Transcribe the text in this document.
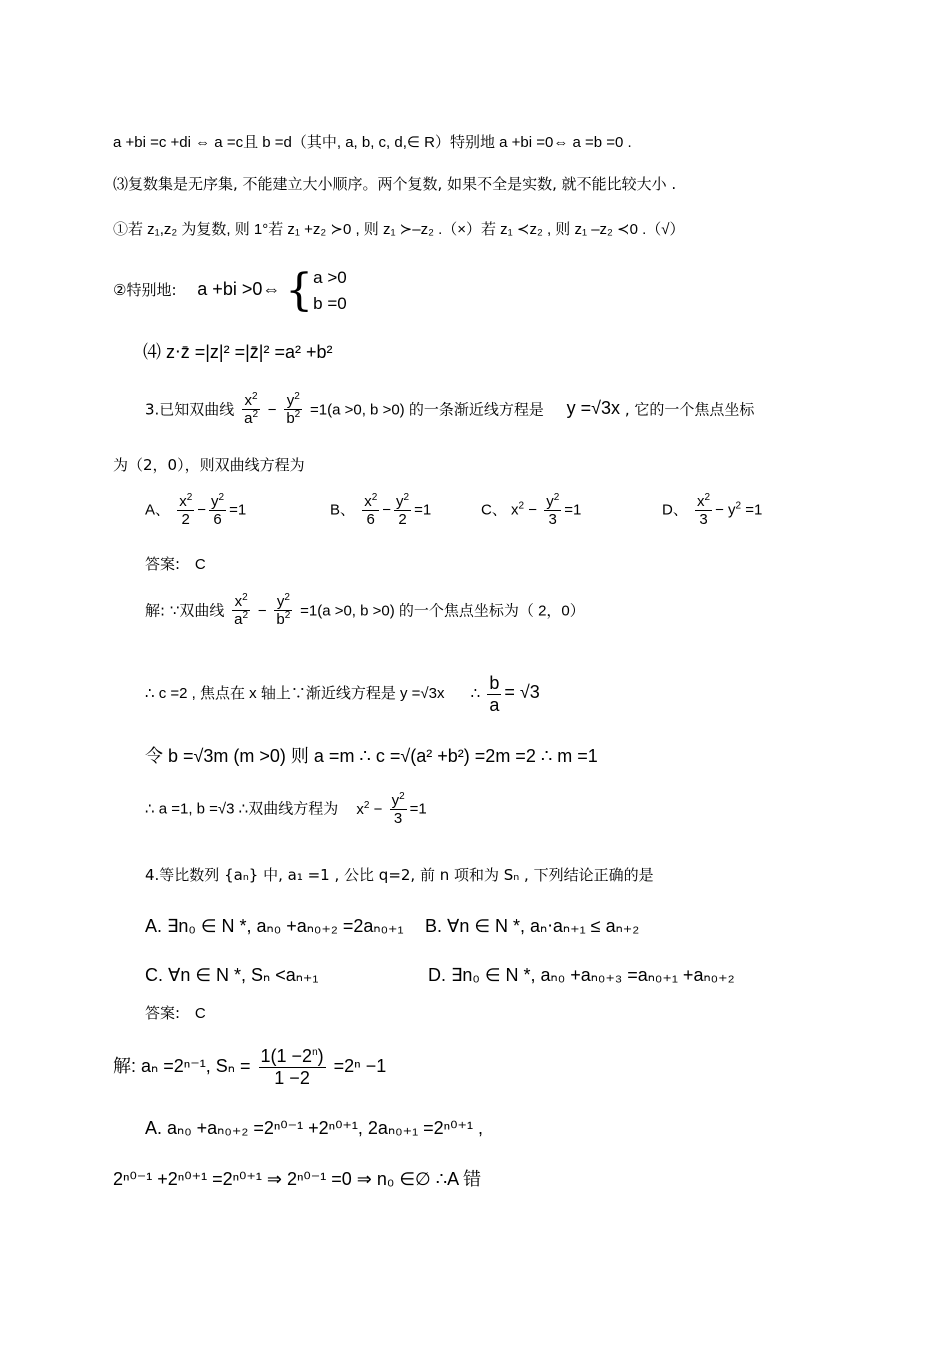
a +bi =c +di ⇔ a =c且 b =d（其中, a, b, c, d,∈ R）特别地 a +bi =0⇔ a =b =0 .
⑶复数集是无序集, 不能建立大小顺序。两个复数, 如果不全是实数, 就不能比较大小 .
①若 z₁,z₂ 为复数, 则 1°若 z₁ +z₂ ≻0 , 则 z₁ ≻–z₂ .（×）若 z₁ ≺z₂ , 则 z₁ –z₂ ≺0 .（√）
②特别地: a +bi >0⇔ { a >0
b =0
⑷ z⋅z̄ =|z|² =|z̄|² =a² +b²
3.已知双曲线 $\frac{x^2}{a^2} - \frac{y^2}{b^2} =1(a >0$, b >0) 的一条渐近线方程是 y =√3x , 它的一个焦点坐标
为（2，0），则双曲线方程为
A、 $\frac{x^2}{2} - \frac{y^2}{6} =1$	B、 $\frac{x^2}{6} - \frac{y^2}{2} =1$	C、 $x^2 - \frac{y^2}{3} =1$	D、 $\frac{x^2}{3} - y^2 =1$
答案: C
解: ∵双曲线 $\frac{x^2}{a^2} - \frac{y^2}{b^2} =1(a >0$, b >0) 的一个焦点坐标为（ 2，0）
∴ c =2 , 焦点在 x 轴上∵渐近线方程是 y =√3x ∴ $\frac{b}{a} = √3$
令 b =√3m (m >0) 则 a =m ∴ c =√(a² +b²) =2m =2 ∴ m =1
∴ a =1, b =√3 ∴双曲线方程为 $x^2 - \frac{y^2}{3} =1$
4.等比数列 {aₙ} 中, a₁ =1 , 公比 q=2, 前 n 项和为 Sₙ , 下列结论正确的是
A. ∃n₀ ∈ N *, aₙ₀ +aₙ₀₊₂ =2aₙ₀₊₁ B. ∀n ∈ N *, aₙ⋅aₙ₊₁ ≤ aₙ₊₂
C. ∀n ∈ N *, Sₙ <aₙ₊₁	D. ∃n₀ ∈ N *, aₙ₀ +aₙ₀₊₃ =aₙ₀₊₁ +aₙ₀₊₂
答案: C
解: aₙ =2ⁿ⁻¹, $S_n = \frac{1(1 -2^n)}{1 -2} =2^n -1$
A. aₙ₀ +aₙ₀₊₂ =2ⁿ⁰⁻¹ +2ⁿ⁰⁺¹, 2aₙ₀₊₁ =2ⁿ⁰⁺¹ ,
2ⁿ⁰⁻¹ +2ⁿ⁰⁺¹ =2ⁿ⁰⁺¹ ⇒ 2ⁿ⁰⁻¹ =0 ⇒ n₀ ∈∅ ∴A 错
